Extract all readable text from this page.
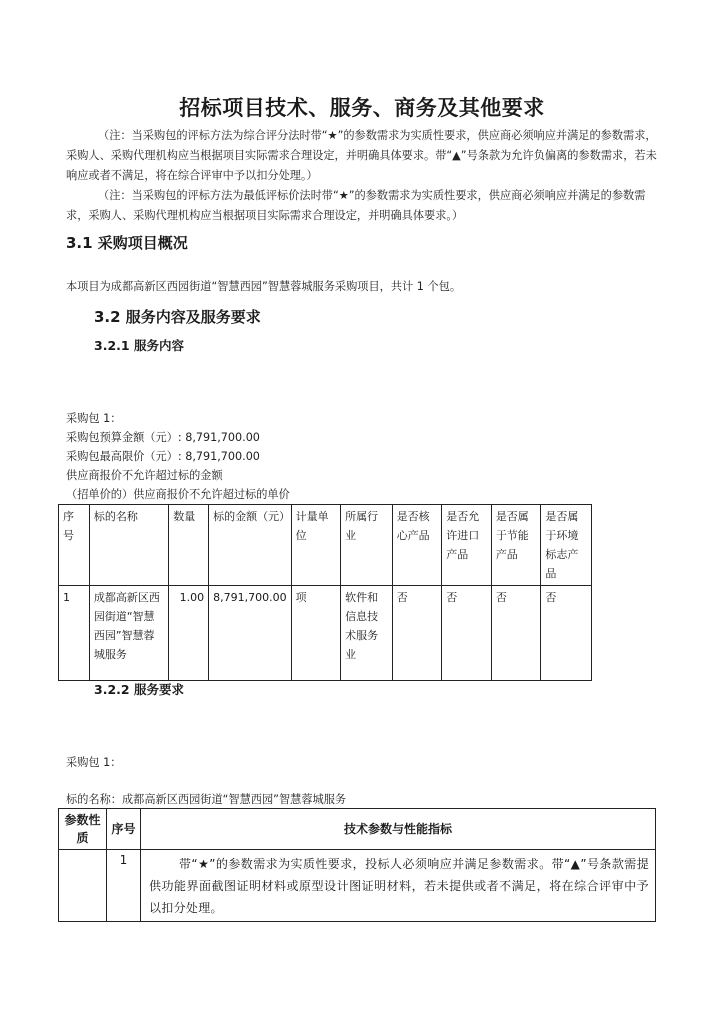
招标项目技术、服务、商务及其他要求
（注：当采购包的评标方法为综合评分法时带“★”的参数需求为实质性要求，供应商必须响应并满足的参数需求，采购人、采购代理机构应当根据项目实际需求合理设定，并明确具体要求。带“▲”号条款为允许负偏离的参数需求，若未响应或者不满足，将在综合评审中予以扣分处理。）
（注：当采购包的评标方法为最低评标价法时带“★”的参数需求为实质性要求，供应商必须响应并满足的参数需求，采购人、采购代理机构应当根据项目实际需求合理设定，并明确具体要求。）
3.1 采购项目概况
本项目为成都高新区西园街道“智慧西园”智慧蓉城服务采购项目，共计 1 个包。
3.2 服务内容及服务要求
3.2.1 服务内容
采购包 1：
采购包预算金额（元）: 8,791,700.00
采购包最高限价（元）: 8,791,700.00
供应商报价不允许超过标的金额
（招单价的）供应商报价不允许超过标的单价
序号	标的名称	数量	标的金额（元）	计量单位	所属行业	是否核心产品	是否允许进口产品	是否属于节能产品	是否属于环境标志产品
1	成都高新区西园街道“智慧西园”智慧蓉城服务	1.00	8,791,700.00	项	软件和信息技术服务业	否	否	否	否
3.2.2 服务要求
采购包 1：
标的名称：成都高新区西园街道“智慧西园”智慧蓉城服务
参数性质	序号	技术参数与性能指标
	1	带“★”的参数需求为实质性要求，投标人必须响应并满足参数需求。带“▲”号条款需提供功能界面截图证明材料或原型设计图证明材料，若未提供或者不满足，将在综合评审中予以扣分处理。
